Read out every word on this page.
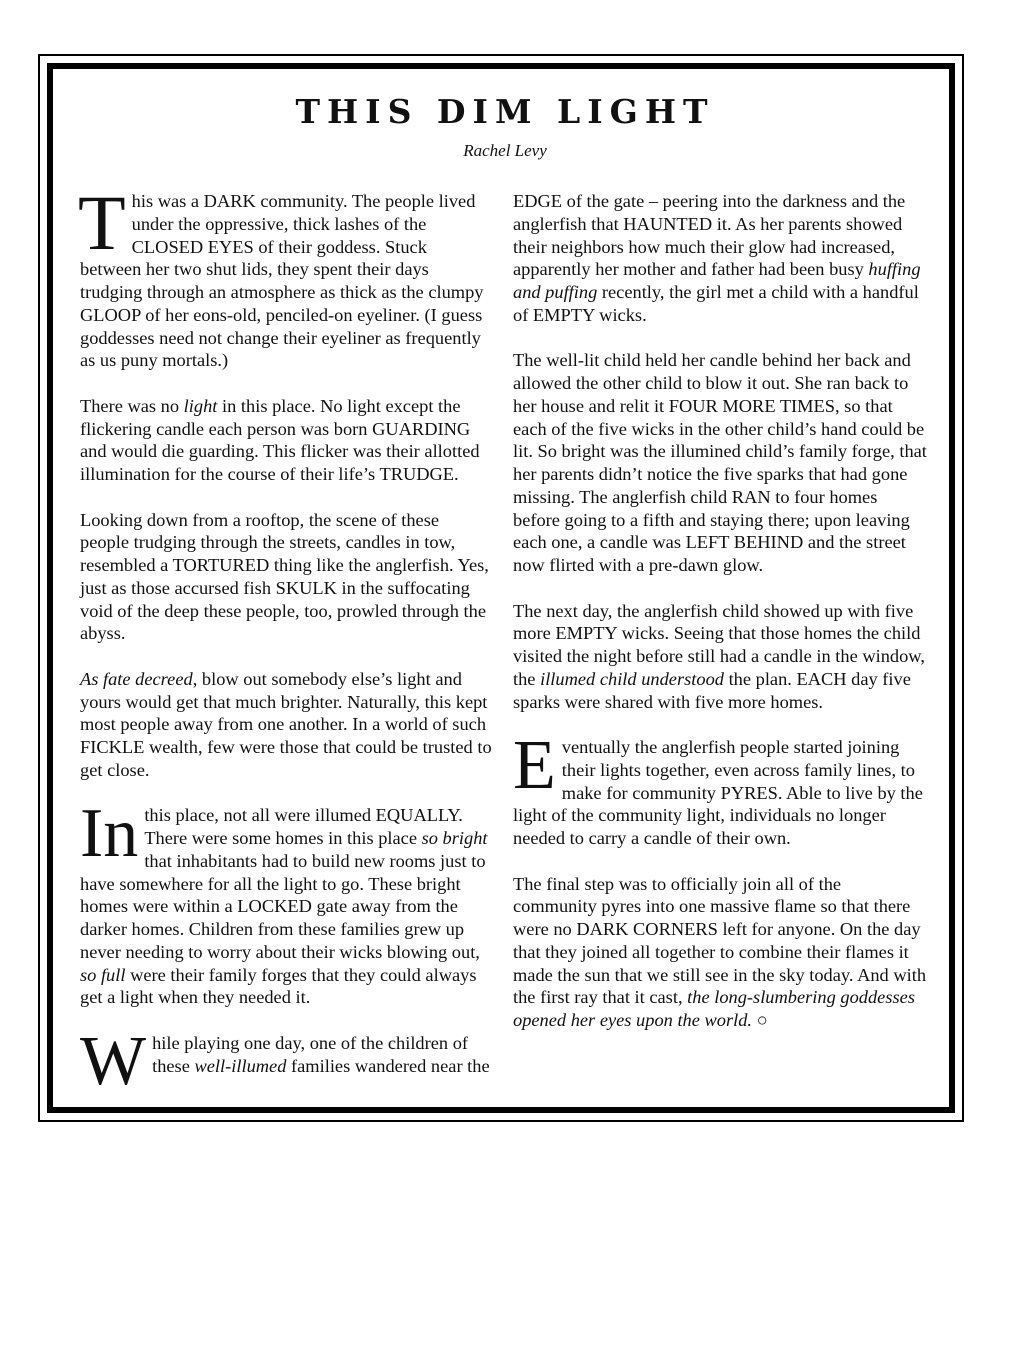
THIS DIM LIGHT
Rachel Levy

This was a DARK community. The people lived under the oppressive, thick lashes of the CLOSED EYES of their goddess. Stuck between her two shut lids, they spent their days trudging through an atmosphere as thick as the clumpy GLOOP of her eons-old, penciled-on eyeliner. (I guess goddesses need not change their eyeliner as frequently as us puny mortals.)

There was no light in this place. No light except the flickering candle each person was born GUARDING and would die guarding. This flicker was their allotted illumination for the course of their life’s TRUDGE.

Looking down from a rooftop, the scene of these people trudging through the streets, candles in tow, resembled a TORTURED thing like the anglerfish. Yes, just as those accursed fish SKULK in the suffocating void of the deep these people, too, prowled through the abyss.

As fate decreed, blow out somebody else’s light and yours would get that much brighter. Naturally, this kept most people away from one another. In a world of such FICKLE wealth, few were those that could be trusted to get close.

In this place, not all were illumed EQUALLY. There were some homes in this place so bright that inhabitants had to build new rooms just to have somewhere for all the light to go. These bright homes were within a LOCKED gate away from the darker homes. Children from these families grew up never needing to worry about their wicks blowing out, so full were their family forges that they could always get a light when they needed it.

While playing one day, one of the children of these well-illumed families wandered near the

EDGE of the gate – peering into the darkness and the anglerfish that HAUNTED it. As her parents showed their neighbors how much their glow had increased, apparently her mother and father had been busy huffing and puffing recently, the girl met a child with a handful of EMPTY wicks.

The well-lit child held her candle behind her back and allowed the other child to blow it out. She ran back to her house and relit it FOUR MORE TIMES, so that each of the five wicks in the other child’s hand could be lit. So bright was the illumined child’s family forge, that her parents didn’t notice the five sparks that had gone missing. The anglerfish child RAN to four homes before going to a fifth and staying there; upon leaving each one, a candle was LEFT BEHIND and the street now flirted with a pre-dawn glow.

The next day, the anglerfish child showed up with five more EMPTY wicks. Seeing that those homes the child visited the night before still had a candle in the window, the illumed child understood the plan. EACH day five sparks were shared with five more homes.

Eventually the anglerfish people started joining their lights together, even across family lines, to make for community PYRES. Able to live by the light of the community light, individuals no longer needed to carry a candle of their own.

The final step was to officially join all of the community pyres into one massive flame so that there were no DARK CORNERS left for anyone. On the day that they joined all together to combine their flames it made the sun that we still see in the sky today. And with the first ray that it cast, the long-slumbering goddesses opened her eyes upon the world. ○
